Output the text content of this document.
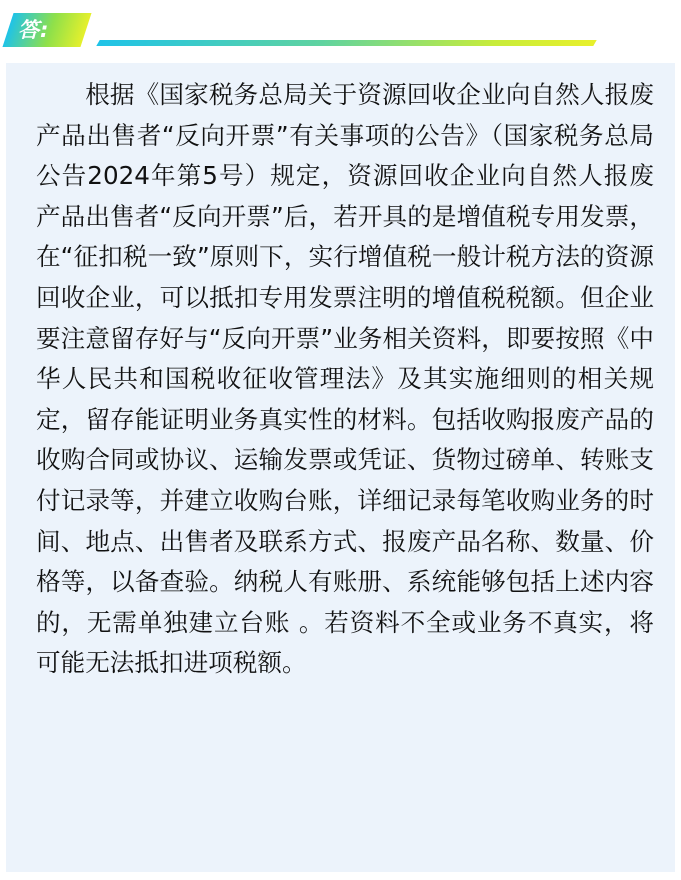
答:

根据《国家税务总局关于资源回收企业向自然人报废产品出售者“反向开票”有关事项的公告》（国家税务总局公告2024年第5号）规定，资源回收企业向自然人报废产品出售者“反向开票”后，若开具的是增值税专用发票，在“征扣税一致”原则下，实行增值税一般计税方法的资源回收企业，可以抵扣专用发票注明的增值税税额。但企业要注意留存好与“反向开票”业务相关资料，即要按照《中华人民共和国税收征收管理法》及其实施细则的相关规定，留存能证明业务真实性的材料。包括收购报废产品的收购合同或协议、运输发票或凭证、货物过磅单、转账支付记录等，并建立收购台账，详细记录每笔收购业务的时间、地点、出售者及联系方式、报废产品名称、数量、价格等，以备查验。纳税人有账册、系统能够包括上述内容的，无需单独建立台账 。若资料不全或业务不真实，将可能无法抵扣进项税额。
